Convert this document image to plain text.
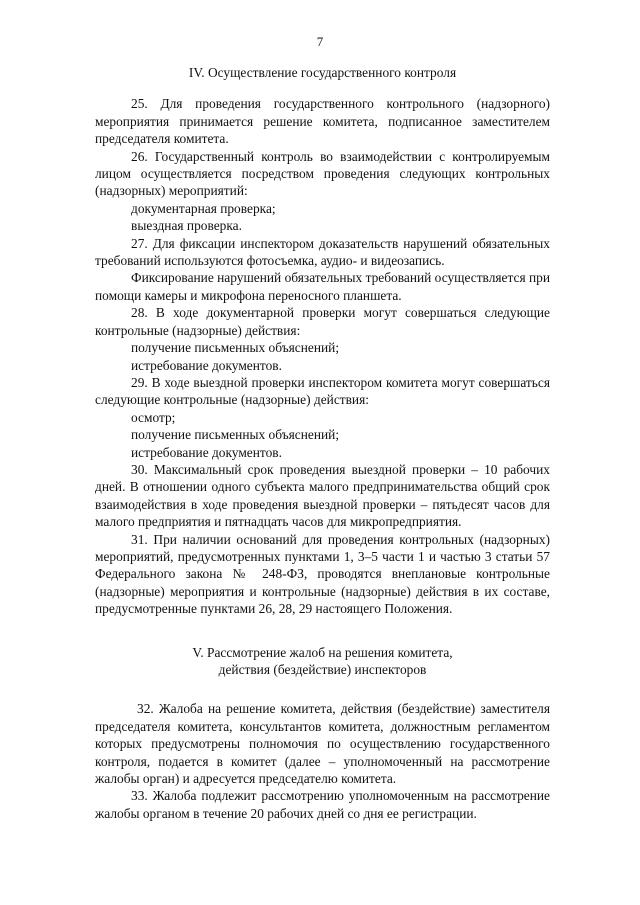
7
IV. Осуществление государственного контроля

25. Для проведения государственного контрольного (надзорного) мероприятия принимается решение комитета, подписанное заместителем председателя комитета.

26. Государственный контроль во взаимодействии с контролируемым лицом осуществляется посредством проведения следующих контрольных (надзорных) мероприятий:

документарная проверка;

выездная проверка.

27. Для фиксации инспектором доказательств нарушений обязательных требований используются фотосъемка, аудио- и видеозапись.

Фиксирование нарушений обязательных требований осуществляется при помощи камеры и микрофона переносного планшета.

28. В ходе документарной проверки могут совершаться следующие контрольные (надзорные) действия:

получение письменных объяснений;

истребование документов.

29. В ходе выездной проверки инспектором комитета могут совершаться следующие контрольные (надзорные) действия:

осмотр;

получение письменных объяснений;

истребование документов.

30. Максимальный срок проведения выездной проверки – 10 рабочих дней. В отношении одного субъекта малого предпринимательства общий срок взаимодействия в ходе проведения выездной проверки – пятьдесят часов для малого предприятия и пятнадцать часов для микропредприятия.

31. При наличии оснований для проведения контрольных (надзорных) мероприятий, предусмотренных пунктами 1, 3–5 части 1 и частью 3 статьи 57 Федерального закона № 248-ФЗ, проводятся внеплановые контрольные (надзорные) мероприятия и контрольные (надзорные) действия в их составе, предусмотренные пунктами 26, 28, 29 настоящего Положения.

V. Рассмотрение жалоб на решения комитета,
действия (бездействие) инспекторов

32. Жалоба на решение комитета, действия (бездействие) заместителя председателя комитета, консультантов комитета, должностным регламентом которых предусмотрены полномочия по осуществлению государственного контроля, подается в комитет (далее – уполномоченный на рассмотрение жалобы орган) и адресуется председателю комитета.

33. Жалоба подлежит рассмотрению уполномоченным на рассмотрение жалобы органом в течение 20 рабочих дней со дня ее регистрации.
